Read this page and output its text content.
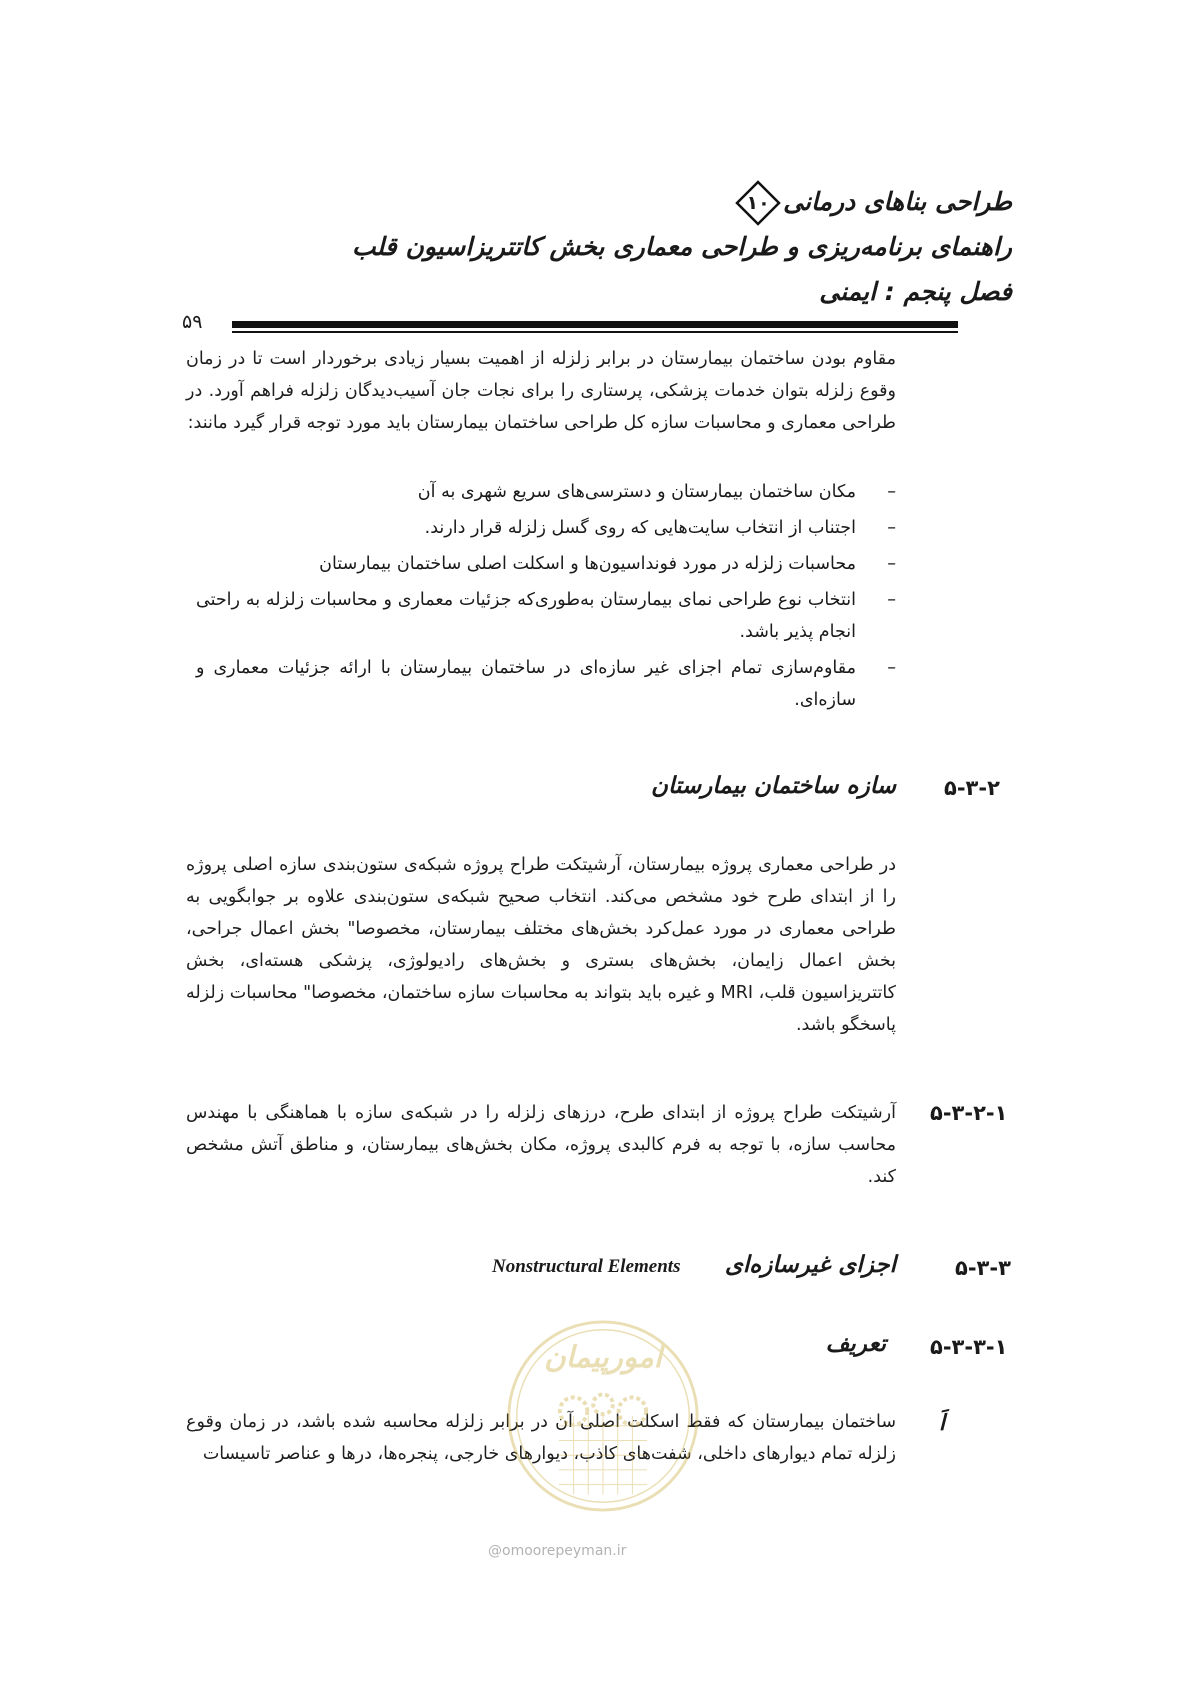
طراحی بناهای درمانی
۱۰
راهنمای برنامه‌ریزی و طراحی معماری بخش کاتتریزاسیون قلب
فصل پنجم : ایمنی
۵۹
مقاوم بودن ساختمان بیمارستان در برابر زلزله از اهمیت بسیار زیادی برخوردار است تا در زمان وقوع زلزله بتوان خدمات پزشکی، پرستاری را برای نجات جان آسیب‌دیدگان زلزله فراهم آورد. در طراحی معماری و محاسبات سازه کل طراحی ساختمان بیمارستان باید مورد توجه قرار گیرد مانند:
–
مکان ساختمان بیمارستان و دسترسی‌های سریع شهری به آن
–
اجتناب از انتخاب سایت‌هایی که روی گسل زلزله قرار دارند.
–
محاسبات زلزله در مورد فونداسیون‌ها و اسکلت اصلی ساختمان بیمارستان
–
انتخاب نوع طراحی نمای بیمارستان به‌طوری‌که جزئیات معماری و محاسبات زلزله به راحتی انجام پذیر باشد.
–
مقاوم‌سازی تمام اجزای غیر سازه‌ای در ساختمان بیمارستان با ارائه جزئیات معماری و سازه‌ای.
۵-۳-۲
سازه ساختمان بیمارستان
در طراحی معماری پروژه بیمارستان، آرشیتکت طراح پروژه شبکه‌ی ستون‌بندی سازه اصلی پروژه را از ابتدای طرح خود مشخص می‌کند. انتخاب صحیح شبکه‌ی ستون‌بندی علاوه بر جوابگویی به طراحی معماری در مورد عمل‌کرد بخش‌های مختلف بیمارستان، مخصوصا" بخش اعمال جراحی، بخش اعمال زایمان، بخش‌های بستری و بخش‌های رادیولوژی، پزشکی هسته‌ای، بخش کاتتریزاسیون قلب، MRI و غیره باید بتواند به محاسبات سازه ساختمان، مخصوصا" محاسبات زلزله پاسخگو باشد.
۵-۳-۲-۱
آرشیتکت طراح پروژه از ابتدای طرح، درزهای زلزله را در شبکه‌ی سازه با هماهنگی با مهندس محاسب سازه، با توجه به فرم کالبدی پروژه، مکان بخش‌های بیمارستان، و مناطق آتش مشخص کند.
۵-۳-۳
اجزای غیرسازه‌ای
Nonstructural Elements
۵-۳-۳-۱
تعریف
اَ
ساختمان بیمارستان که فقط اسکلت اصلی آن در برابر زلزله محاسبه شده باشد، در زمان وقوع زلزله تمام دیوارهای داخلی، شفت‌های کاذب، دیوارهای خارجی، پنجره‌ها، درها و عناصر تاسیسات
امورپیمان
@omoorepeyman.ir
